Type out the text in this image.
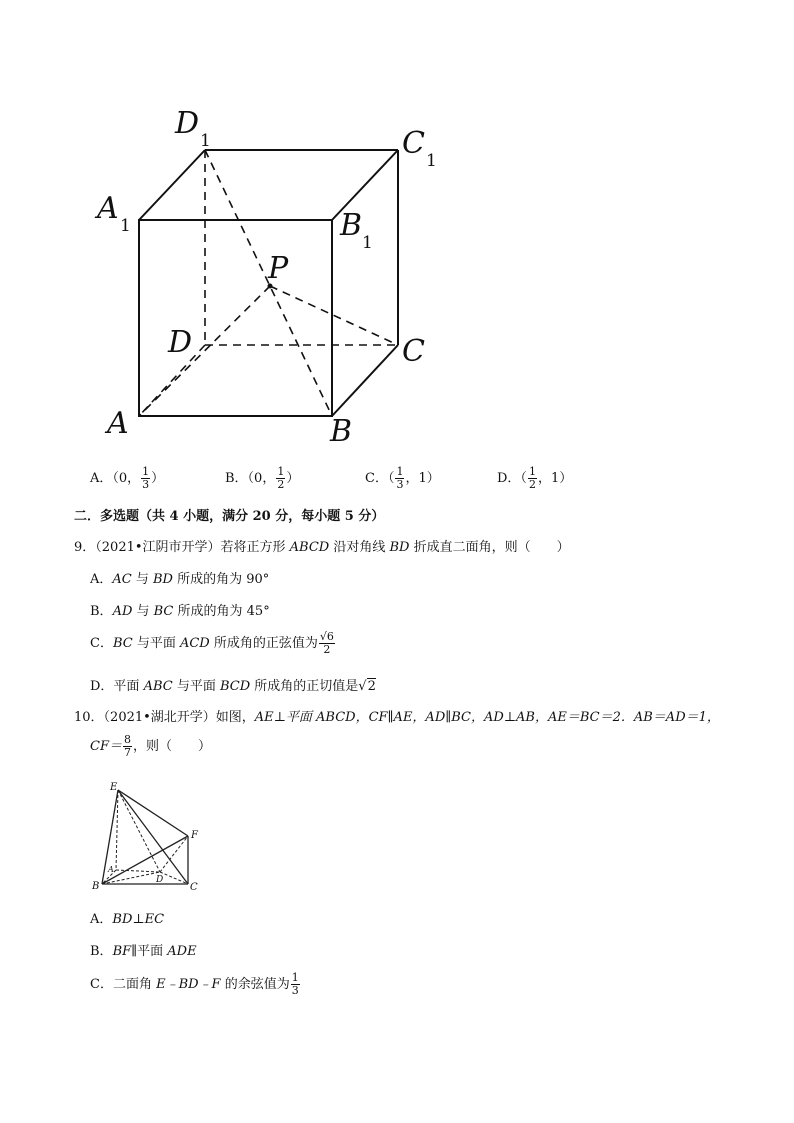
D 1	C 1
A 1	B 1
P
D	C
A	B
A．（0， $\frac{1}{3}$ ）	B．（0， $\frac{1}{2}$ ）	C．（ $\frac{1}{3}$ ，1）	D．（ $\frac{1}{2}$ ，1）
二．多选题（共 4 小题，满分 20 分，每小题 5 分）
9．（2021•江阴市开学）若将正方形 ABCD 沿对角线 BD 折成直二面角，则（　　）
A．AC 与 BD 所成的角为 90°
B．AD 与 BC 所成的角为 45°
C．BC 与平面 ACD 所成角的正弦值为 $\frac{√6}{2}$
D．平面 ABC 与平面 BCD 所成角的正切值是√2
10．（2021•湖北开学）如图，AE⊥平面 ABCD，CF∥AE，AD∥BC，AD⊥AB，AE＝BC＝2．AB＝AD＝1，
$CF= \frac{8}{7}$ ，则（　　）
E
F
A
B	C
D
A．BD⊥EC
B．BF∥平面 ADE
C．二面角 E﹣BD﹣F 的余弦值为 $\frac{1}{3}$
